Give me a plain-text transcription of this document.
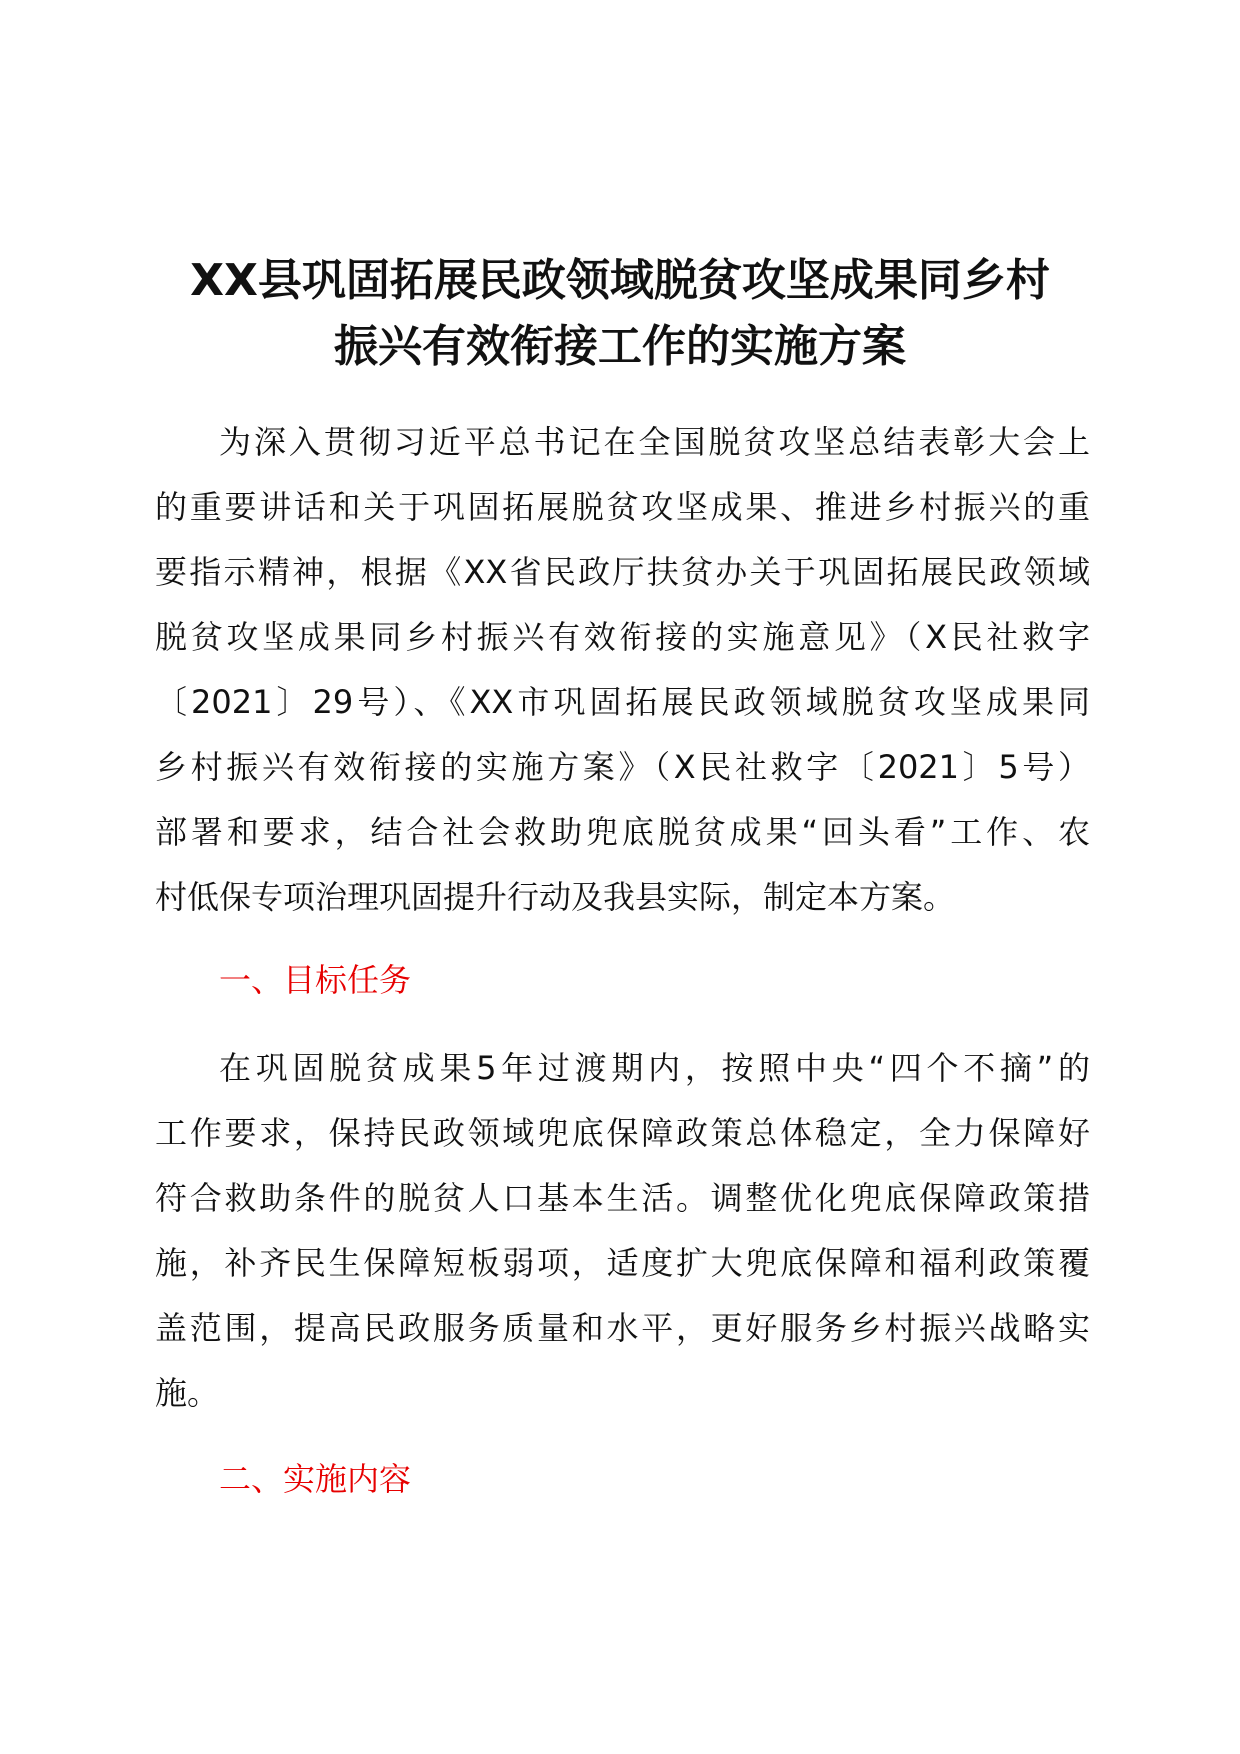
XX县巩固拓展民政领域脱贫攻坚成果同乡村
振兴有效衔接工作的实施方案
为深入贯彻习近平总书记在全国脱贫攻坚总结表彰大会上
的重要讲话和关于巩固拓展脱贫攻坚成果、推进乡村振兴的重
要指示精神，根据《XX省民政厅扶贫办关于巩固拓展民政领域
脱贫攻坚成果同乡村振兴有效衔接的实施意见》（X民社救字
〔2021〕29号）、《XX市巩固拓展民政领域脱贫攻坚成果同
乡村振兴有效衔接的实施方案》（X民社救字〔2021〕5号）
部署和要求，结合社会救助兜底脱贫成果“回头看”工作、农
村低保专项治理巩固提升行动及我县实际，制定本方案。
一、目标任务
在巩固脱贫成果5年过渡期内，按照中央“四个不摘”的
工作要求，保持民政领域兜底保障政策总体稳定，全力保障好
符合救助条件的脱贫人口基本生活。调整优化兜底保障政策措
施，补齐民生保障短板弱项，适度扩大兜底保障和福利政策覆
盖范围，提高民政服务质量和水平，更好服务乡村振兴战略实
施。
二、实施内容
